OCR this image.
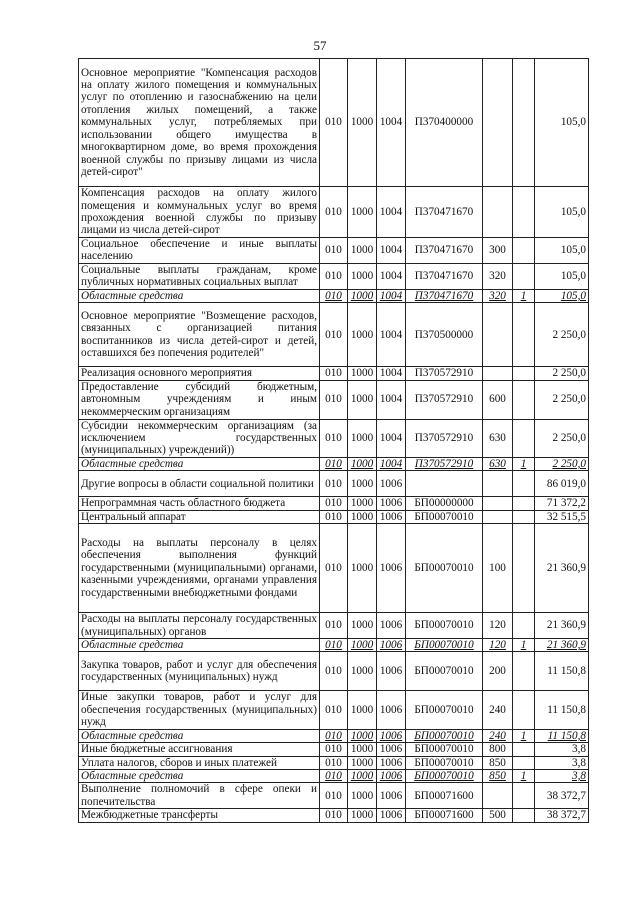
57
Основное мероприятие "Компенсация расходов на оплату жилого помещения и коммунальных услуг по отоплению и газоснабжению на цели отопления жилых помещений, а также коммунальных услуг, потребляемых при использовании общего имущества в многоквартирном доме, во время прохождения военной службы по призыву лицами из числа детей-сирот"	010	1000	1004	П370400000			105,0
Компенсация расходов на оплату жилого помещения и коммунальных услуг во время прохождения военной службы по призыву лицами из числа детей-сирот	010	1000	1004	П370471670			105,0
Социальное обеспечение и иные выплаты населению	010	1000	1004	П370471670	300		105,0
Социальные выплаты гражданам, кроме публичных нормативных социальных выплат	010	1000	1004	П370471670	320		105,0
Областные средства	010	1000	1004	П370471670	320	1	105,0
Основное мероприятие "Возмещение расходов, связанных с организацией питания воспитанников из числа детей-сирот и детей, оставшихся без попечения родителей"	010	1000	1004	П370500000			2 250,0
Реализация основного мероприятия	010	1000	1004	П370572910			2 250,0
Предоставление субсидий бюджетным, автономным учреждениям и иным некоммерческим организациям	010	1000	1004	П370572910	600		2 250,0
Субсидии некоммерческим организациям (за исключением государственных (муниципальных) учреждений))	010	1000	1004	П370572910	630		2 250,0
Областные средства	010	1000	1004	П370572910	630	1	2 250,0
Другие вопросы в области социальной политики	010	1000	1006				86 019,0
Непрограммная часть областного бюджета	010	1000	1006	БП00000000			71 372,2
Центральный аппарат	010	1000	1006	БП00070010			32 515,5
Расходы на выплаты персоналу в целях обеспечения выполнения функций государственными (муниципальными) органами, казенными учреждениями, органами управления государственными внебюджетными фондами	010	1000	1006	БП00070010	100		21 360,9
Расходы на выплаты персоналу государственных (муниципальных) органов	010	1000	1006	БП00070010	120		21 360,9
Областные средства	010	1000	1006	БП00070010	120	1	21 360,9
Закупка товаров, работ и услуг для обеспечения государственных (муниципальных) нужд	010	1000	1006	БП00070010	200		11 150,8
Иные закупки товаров, работ и услуг для обеспечения государственных (муниципальных) нужд	010	1000	1006	БП00070010	240		11 150,8
Областные средства	010	1000	1006	БП00070010	240	1	11 150,8
Иные бюджетные ассигнования	010	1000	1006	БП00070010	800		3,8
Уплата налогов, сборов и иных платежей	010	1000	1006	БП00070010	850		3,8
Областные средства	010	1000	1006	БП00070010	850	1	3,8
Выполнение полномочий в сфере опеки и попечительства	010	1000	1006	БП00071600			38 372,7
Межбюджетные трансферты	010	1000	1006	БП00071600	500		38 372,7
